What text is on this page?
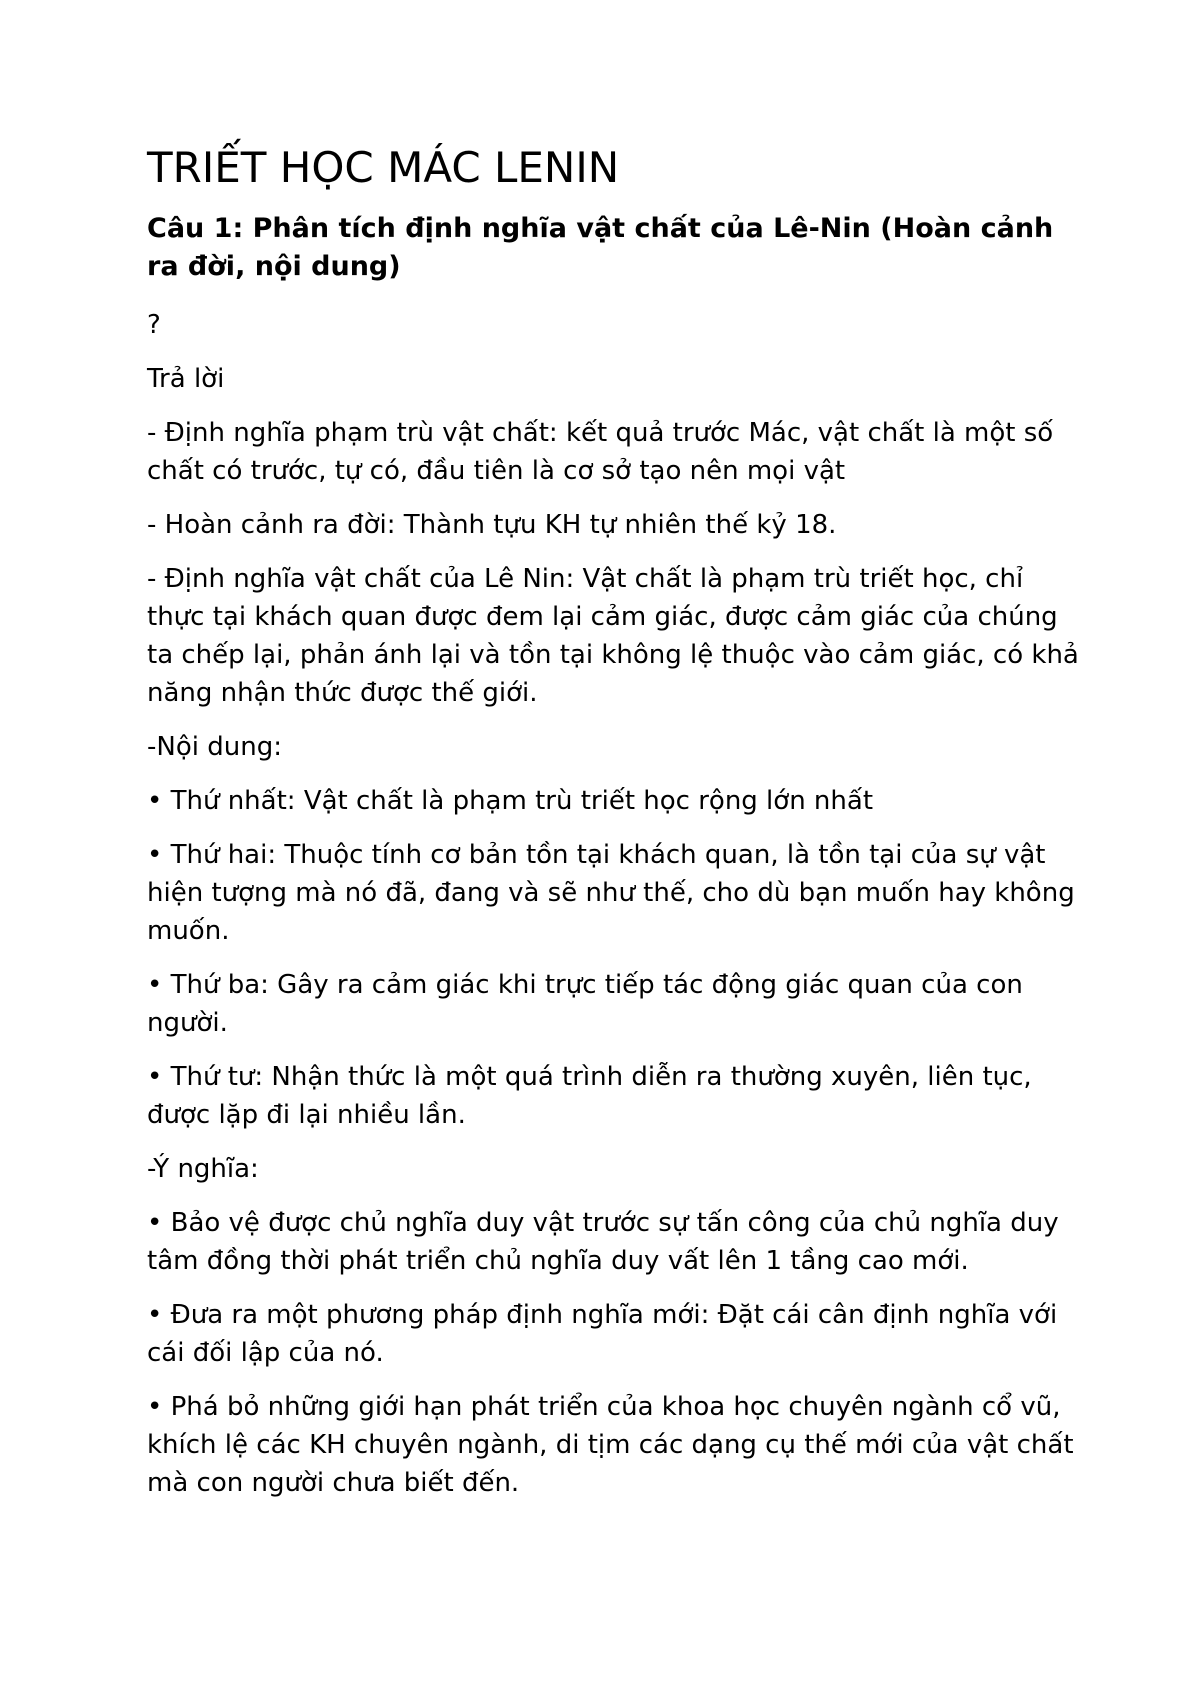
TRIẾT HỌC MÁC LENIN
Câu 1: Phân tích định nghĩa vật chất của Lê-Nin (Hoàn cảnh ra đời, nội dung)
?
Trả lời
- Định nghĩa phạm trù vật chất: kết quả trước Mác, vật chất là một số chất có trước, tự có, đầu tiên là cơ sở tạo nên mọi vật
- Hoàn cảnh ra đời: Thành tựu KH tự nhiên thế kỷ 18.
- Định nghĩa vật chất của Lê Nin: Vật chất là phạm trù triết học, chỉ thực tại khách quan được đem lại cảm giác, được cảm giác của chúng ta chếp lại, phản ánh lại và tồn tại không lệ thuộc vào cảm giác, có khả năng nhận thức được thế giới.
-Nội dung:
• Thứ nhất: Vật chất là phạm trù triết học rộng lớn nhất
• Thứ hai: Thuộc tính cơ bản tồn tại khách quan, là tồn tại của sự vật hiện tượng mà nó đã, đang và sẽ như thế, cho dù bạn muốn hay không muốn.
• Thứ ba: Gây ra cảm giác khi trực tiếp tác động giác quan của con người.
• Thứ tư: Nhận thức là một quá trình diễn ra thường xuyên, liên tục, được lặp đi lại nhiều lần.
-Ý nghĩa:
• Bảo vệ được chủ nghĩa duy vật trước sự tấn công của chủ nghĩa duy tâm đồng thời phát triển chủ nghĩa duy vất lên 1 tầng cao mới.
• Đưa ra một phương pháp định nghĩa mới: Đặt cái cân định nghĩa với cái đối lập của nó.
• Phá bỏ những giới hạn phát triển của khoa học chuyên ngành cổ vũ, khích lệ các KH chuyên ngành, di tịm các dạng cụ thế mới của vật chất mà con người chưa biết đến.
